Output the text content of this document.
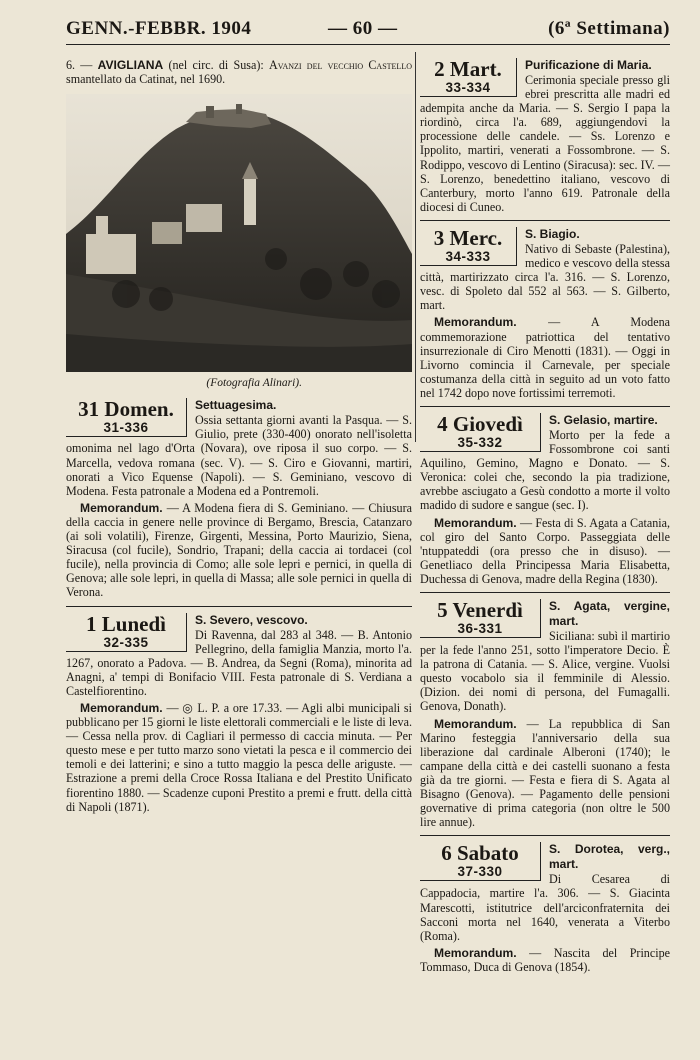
GENN.-FEBBR. 1904	— 60 —	(6ª Settimana)

6. — AVIGLIANA (nel circ. di Susa): Avanzi del vecchio Castello smantellato da Catinat, nel 1690.

(Fotografia Alinari).

31 Domen.
31-336
Settuagesima.

Ossia settanta giorni avanti la Pasqua. — S. Giulio, prete (330-400) onorato nell'isoletta omonima nel lago d'Orta (Novara), ove riposa il suo corpo. — S. Marcella, vedova romana (sec. V). — S. Ciro e Giovanni, martiri, onorati a Vico Equense (Napoli). — S. Geminiano, vescovo di Modena. Festa patronale a Modena ed a Pontremoli.

Memorandum. — A Modena fiera di S. Geminiano. — Chiusura della caccia in genere nelle province di Bergamo, Brescia, Catanzaro (ai soli volatili), Firenze, Girgenti, Messina, Porto Maurizio, Siena, Siracusa (col fucile), Sondrio, Trapani; della caccia ai tordacei (col fucile), nella provincia di Como; alle sole lepri e pernici, in quella di Genova; alle sole lepri, in quella di Massa; alle sole pernici in quella di Verona.

1 Lunedì
32-335
S. Severo, vescovo.

Di Ravenna, dal 283 al 348. — B. Antonio Pellegrino, della famiglia Manzia, morto l'a. 1267, onorato a Padova. — B. Andrea, da Segni (Roma), minorita ad Anagni, a' tempi di Bonifacio VIII. Festa patronale di S. Verdiana a Castelfiorentino.

Memorandum. — ◎ L. P. a ore 17.33. — Agli albi municipali si pubblicano per 15 giorni le liste elettorali commerciali e le liste di leva. — Cessa nella prov. di Cagliari il permesso di caccia minuta. — Per questo mese e per tutto marzo sono vietati la pesca e il commercio dei temoli e dei latterini; e sino a tutto maggio la pesca delle ariguste. — Estrazione a premi della Croce Rossa Italiana e del Prestito Unificato fiorentino 1880. — Scadenze cuponi Prestito a premi e frutt. della città di Napoli (1871).

2 Mart.
33-334
Purificazione di Maria.

Cerimonia speciale presso gli ebrei prescritta alle madri ed adempita anche da Maria. — S. Sergio I papa la riordinò, circa l'a. 689, aggiungendovi la processione delle candele. — Ss. Lorenzo e Ippolito, martiri, venerati a Fossombrone. — S. Rodippo, vescovo di Lentino (Siracusa): sec. IV. — S. Lorenzo, benedettino italiano, vescovo di Canterbury, morto l'anno 619. Patronale della diocesi di Cuneo.

3 Merc.
34-333
S. Biagio.

Nativo di Sebaste (Palestina), medico e vescovo della stessa città, martirizzato circa l'a. 316. — S. Lorenzo, vesc. di Spoleto dal 552 al 563. — S. Gilberto, mart.

Memorandum.	— A Modena commemorazione patriottica del tentativo insurrezionale di Ciro Menotti (1831). — Oggi in Livorno comincia il Carnevale, per speciale costumanza della città in seguito ad un voto fatto nel 1742 dopo nove fortissimi terremoti.

4 Giovedì
35-332
S. Gelasio, martire.

Morto per la fede a Fossombrone coi santi Aquilino, Gemino, Magno e Donato. — S. Veronica: colei che, secondo la pia tradizione, avrebbe asciugato a Gesù condotto a morte il volto madido di sudore e sangue (sec. I).

Memorandum. — Festa di S. Agata a Catania, col giro del Santo Corpo. Passeggiata delle 'ntuppateddi (ora presso che in disuso). — Genetliaco della Principessa Maria Elisabetta, Duchessa di Genova, madre della Regina (1830).

5 Venerdì
36-331
S. Agata, vergine, mart.

Siciliana: subì il martirio per la fede l'anno 251, sotto l'imperatore Decio. È la patrona di Catania. — S. Alice, vergine. Vuolsi questo vocabolo sia il femminile di Alessio. (Dizion. dei nomi di persona, del Fumagalli. Genova, Donath).

Memorandum. — La repubblica di San Marino festeggia l'anniversario della sua liberazione dal cardinale Alberoni (1740); le campane della città e dei castelli suonano a festa già da tre giorni. — Festa e fiera di S. Agata al Bisagno (Genova). — Pagamento delle pensioni governative di prima categoria (non oltre le 500 lire annue).

6 Sabato
37-330
S. Dorotea, verg., mart.

Di Cesarea di Cappadocia, martire l'a. 306. — S. Giacinta Marescotti, istitutrice dell'arciconfraternita dei Sacconi morta nel 1640, venerata a Viterbo (Roma).

Memorandum. — Nascita del Principe Tommaso, Duca di Genova (1854).
